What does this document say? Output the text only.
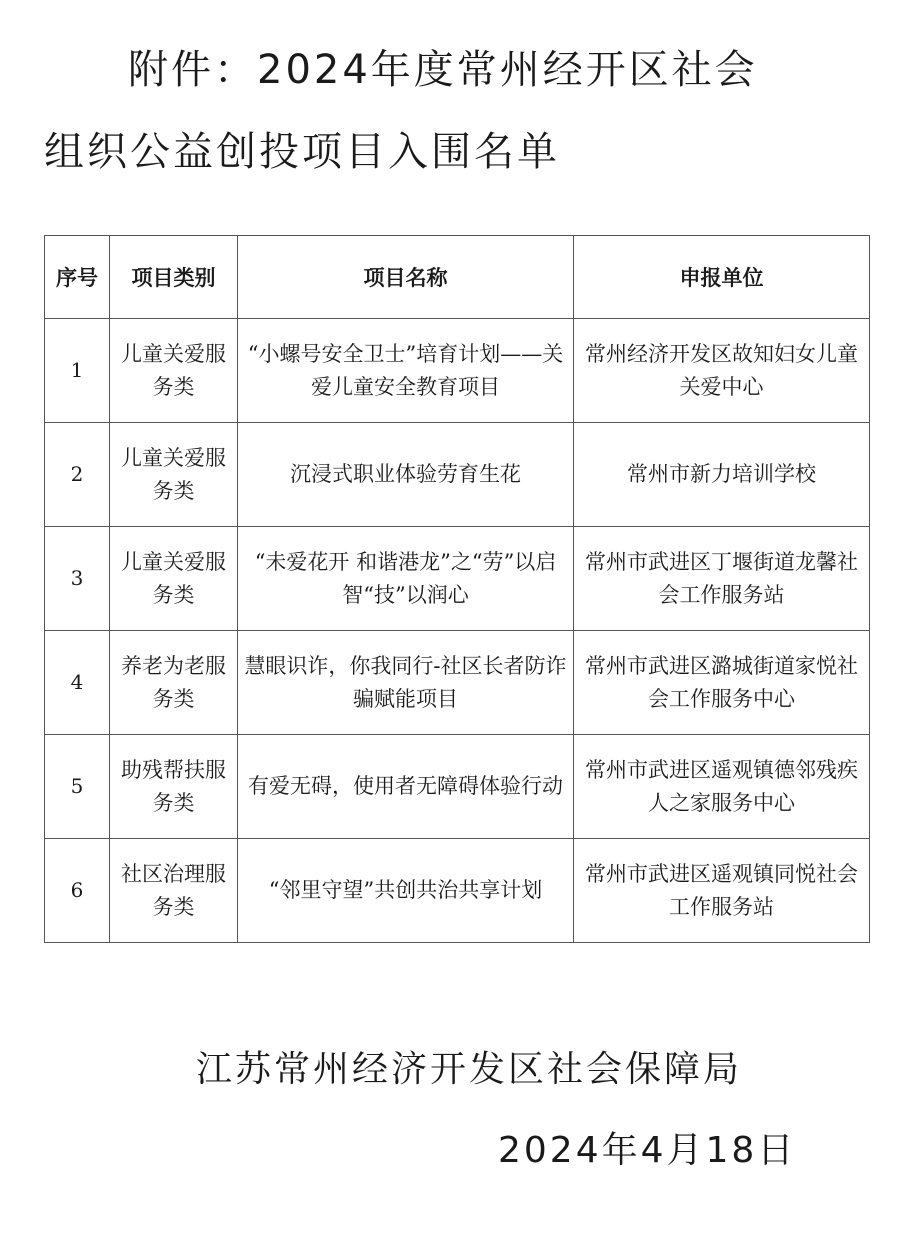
附件：2024年度常州经开区社会
组织公益创投项目入围名单
序号	项目类别	项目名称	申报单位
1	儿童关爱服务类	“小螺号安全卫士”培育计划——关爱儿童安全教育项目	常州经济开发区故知妇女儿童关爱中心
2	儿童关爱服务类	沉浸式职业体验劳育生花	常州市新力培训学校
3	儿童关爱服务类	“未爱花开 和谐港龙”之“劳”以启智“技”以润心	常州市武进区丁堰街道龙馨社会工作服务站
4	养老为老服务类	慧眼识诈，你我同行-社区长者防诈骗赋能项目	常州市武进区潞城街道家悦社会工作服务中心
5	助残帮扶服务类	有爱无碍，使用者无障碍体验行动	常州市武进区遥观镇德邻残疾人之家服务中心
6	社区治理服务类	“邻里守望”共创共治共享计划	常州市武进区遥观镇同悦社会工作服务站
江苏常州经济开发区社会保障局
2024年4月18日
